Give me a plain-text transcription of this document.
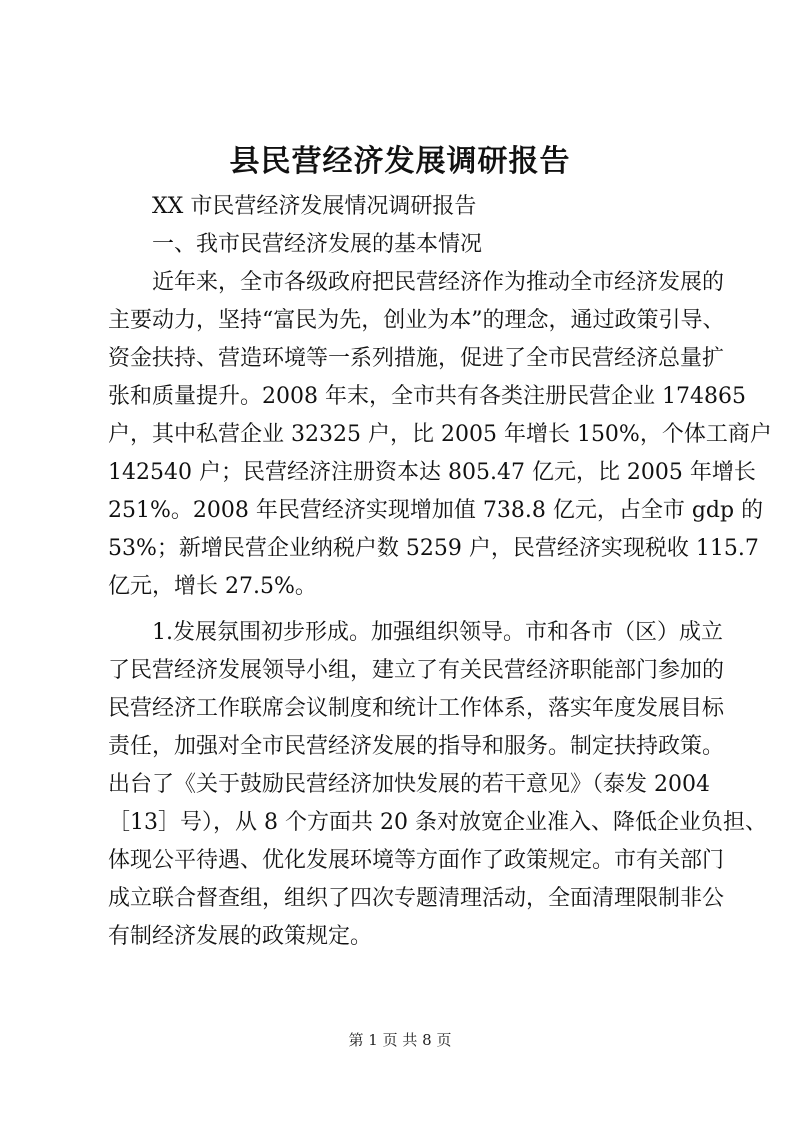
县民营经济发展调研报告
XX 市民营经济发展情况调研报告
一、我市民营经济发展的基本情况
近年来，全市各级政府把民营经济作为推动全市经济发展的
主要动力，坚持“富民为先，创业为本”的理念，通过政策引导、
资金扶持、营造环境等一系列措施，促进了全市民营经济总量扩
张和质量提升。2008 年末，全市共有各类注册民营企业 174865
户，其中私营企业 32325 户，比 2005 年增长 150%，个体工商户
142540 户；民营经济注册资本达 805.47 亿元，比 2005 年增长
251%。2008 年民营经济实现增加值 738.8 亿元，占全市 gdp 的
53%；新增民营企业纳税户数 5259 户，民营经济实现税收 115.7
亿元，增长 27.5%。
1.发展氛围初步形成。加强组织领导。市和各市（区）成立
了民营经济发展领导小组，建立了有关民营经济职能部门参加的
民营经济工作联席会议制度和统计工作体系，落实年度发展目标
责任，加强对全市民营经济发展的指导和服务。制定扶持政策。
出台了《关于鼓励民营经济加快发展的若干意见》（泰发 2004
［13］号），从 8 个方面共 20 条对放宽企业准入、降低企业负担、
体现公平待遇、优化发展环境等方面作了政策规定。市有关部门
成立联合督查组，组织了四次专题清理活动，全面清理限制非公
有制经济发展的政策规定。
第 1 页 共 8 页
